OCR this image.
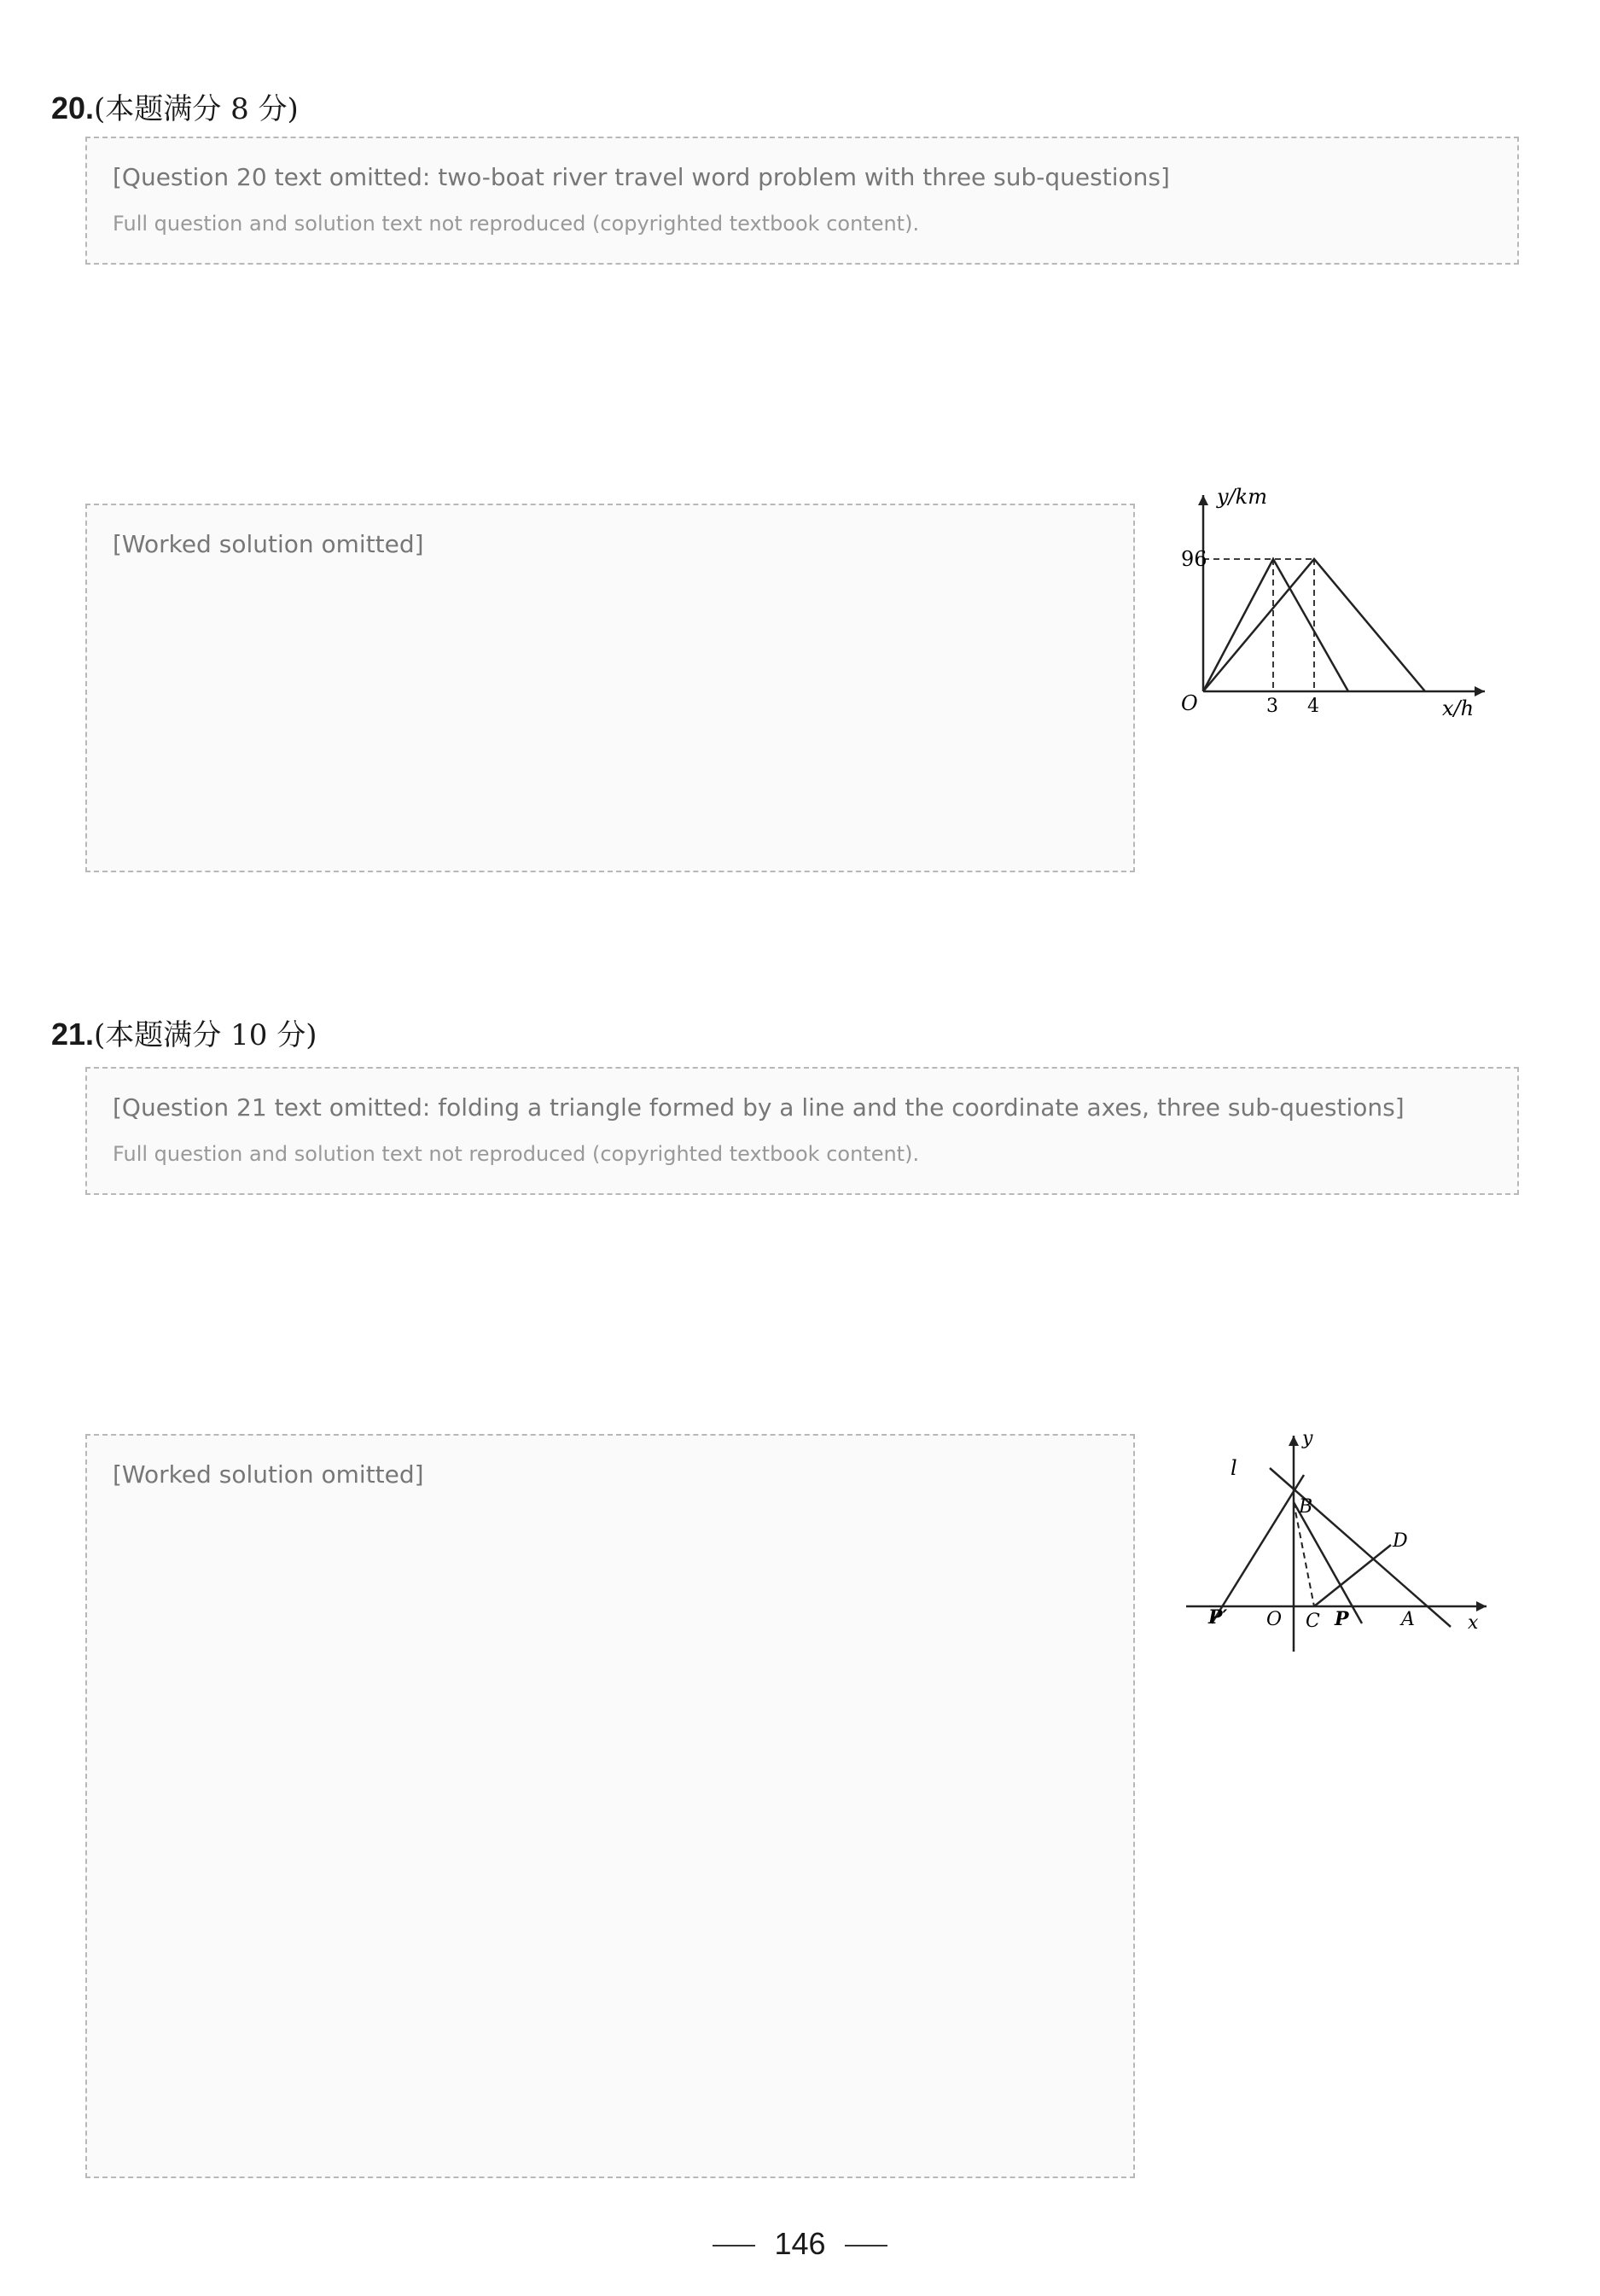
20.(本题满分 8 分)
[Question 20 text omitted: two-boat river travel word problem with three sub-questions]
Full question and solution text not reproduced (copyrighted textbook content).
[Worked solution omitted]
y/km
x/h
96
O	3 4
21.(本题满分 10 分)
[Question 21 text omitted: folding a triangle formed by a line and the coordinate axes, three sub-questions]
Full question and solution text not reproduced (copyrighted textbook content).
[Worked solution omitted]	l
y
x
B
D
P′ O C P	A
146
